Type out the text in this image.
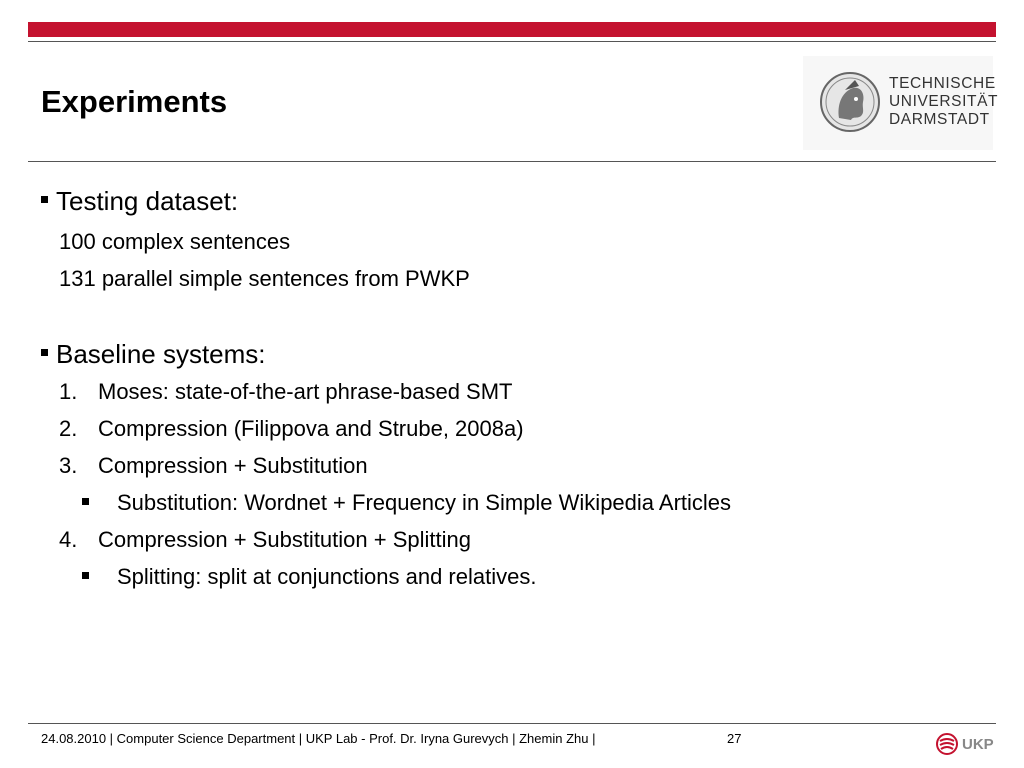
Experiments
TECHNISCHE
UNIVERSITÄT
DARMSTADT
Testing dataset:
100 complex sentences
131 parallel simple sentences from PWKP
Baseline systems:
1. Moses: state-of-the-art phrase-based SMT
2. Compression (Filippova and Strube, 2008a)
3. Compression + Substitution
Substitution: Wordnet + Frequency in Simple Wikipedia Articles
4. Compression + Substitution + Splitting
Splitting: split at conjunctions and relatives.
24.08.2010 | Computer Science Department | UKP Lab - Prof. Dr. Iryna Gurevych | Zhemin Zhu |	27	UKP
